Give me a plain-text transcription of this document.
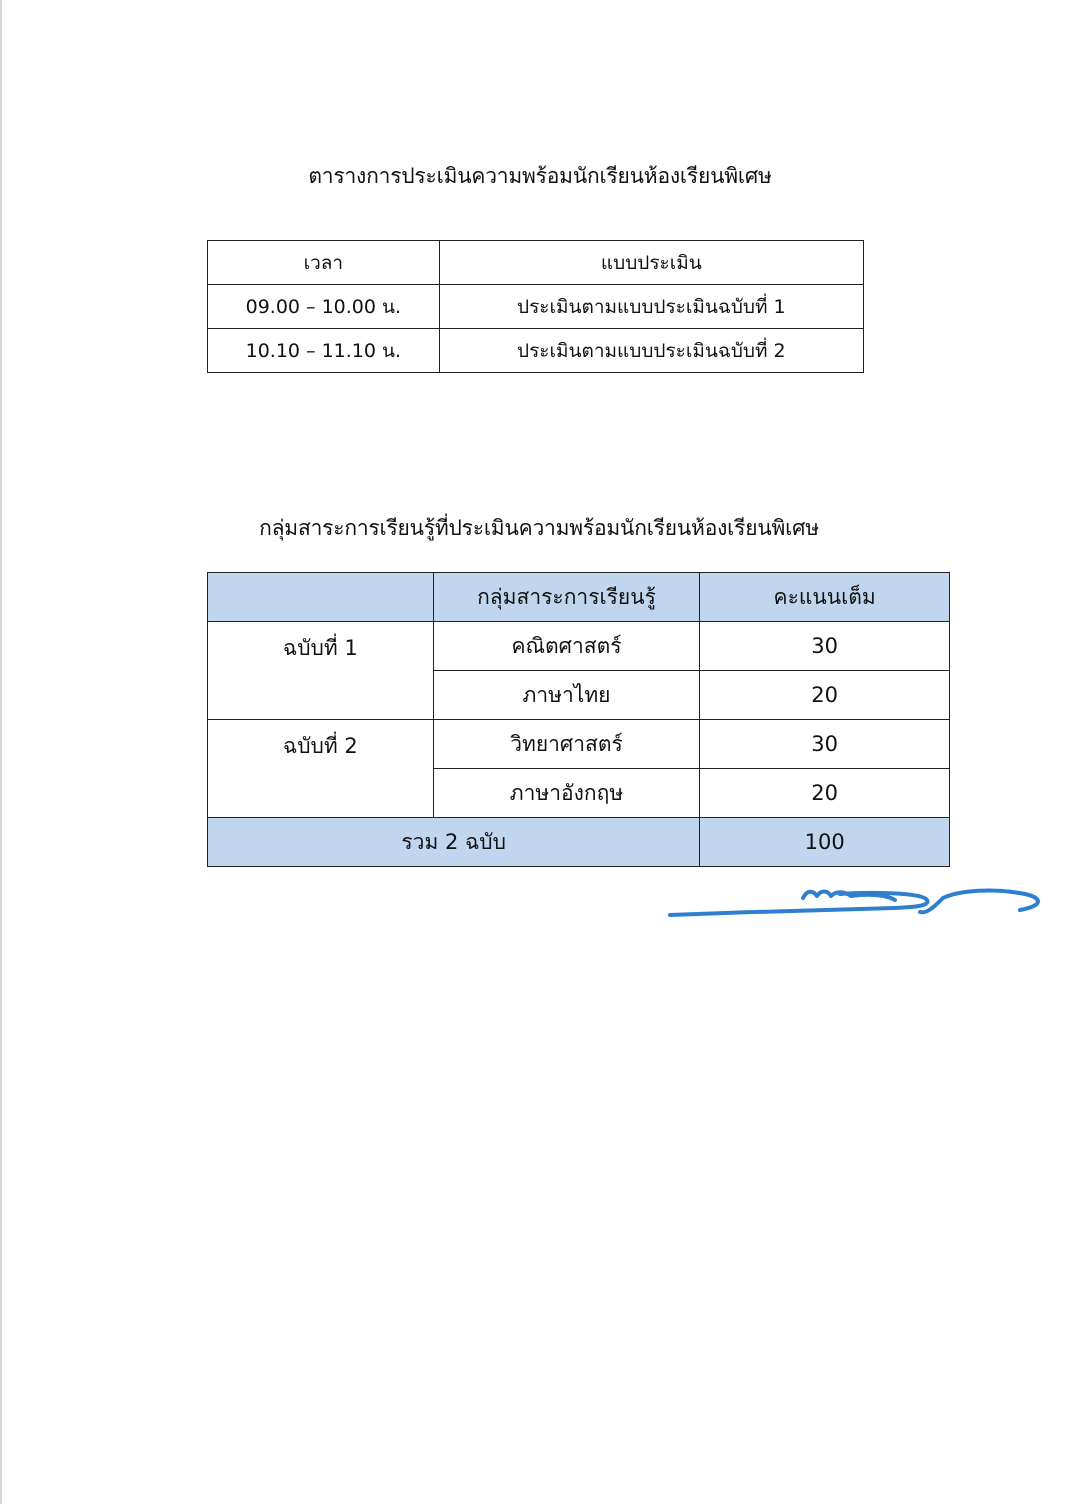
ตารางการประเมินความพร้อมนักเรียนห้องเรียนพิเศษ
เวลา	แบบประเมิน
09.00 – 10.00 น.	ประเมินตามแบบประเมินฉบับที่ 1
10.10 – 11.10 น.	ประเมินตามแบบประเมินฉบับที่ 2
กลุ่มสาระการเรียนรู้ที่ประเมินความพร้อมนักเรียนห้องเรียนพิเศษ
	กลุ่มสาระการเรียนรู้	คะแนนเต็ม
ฉบับที่ 1	คณิตศาสตร์	30
	ภาษาไทย	20
ฉบับที่ 2	วิทยาศาสตร์	30
	ภาษาอังกฤษ	20
รวม 2 ฉบับ		100
